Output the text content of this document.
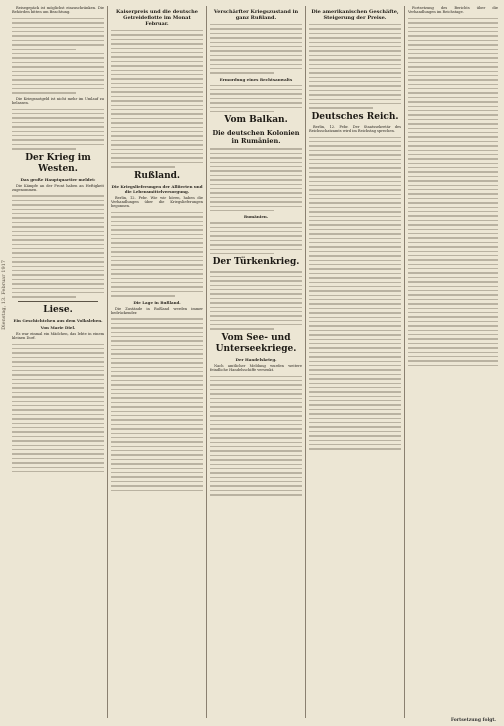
Dienstag, 13. Februar 1917

Reisegepäck ist möglichst einzuschränken. Die Behörden bitten um Beachtung.

Die Kriegsnotgeld ist nicht mehr im Umlauf zu belassen.

Der Krieg im Westen.
Das große Hauptquartier meldet:

Die Kämpfe an der Front haben an Heftigkeit zugenommen.

Liese.
Ein Geschichtchen aus dem Volksleben.
Von Marie Diel.

Es war einmal ein Mädchen, das lebte in einem kleinen Dorf.

Kaiserpreis und die deutsche Getreideflotte im Monat Februar.
Rußland.
Die Kriegslieferungen der Alliierten und die Lebensmittelversorgung.

Berlin, 12. Febr. Wie wir hören, haben die Verhandlungen über die Kriegslieferungen begonnen.

Die Lage in Rußland.

Die Zustände in Rußland werden immer bedrückender.

Verschärfter Kriegszustand in ganz Rußland.
Ermordung eines Rechtsanwalts
Vom Balkan.
Die deutschen Kolonien in Rumänien.
Rumänien.
Der Türkenkrieg.
Vom See- und Unterseekriege.
Der Handelskrieg.

Nach amtlicher Meldung wurden weitere feindliche Handelsschiffe versenkt.

Die amerikanischen Geschäfte, Steigerung der Preise.
Deutsches Reich.

Berlin, 12. Febr. Der Staatssekretär des Reichsschatzamts wird im Reichstag sprechen.

Fortsetzung des Berichts über die Verhandlungen im Reichstage.

Fortsetzung folgt.
